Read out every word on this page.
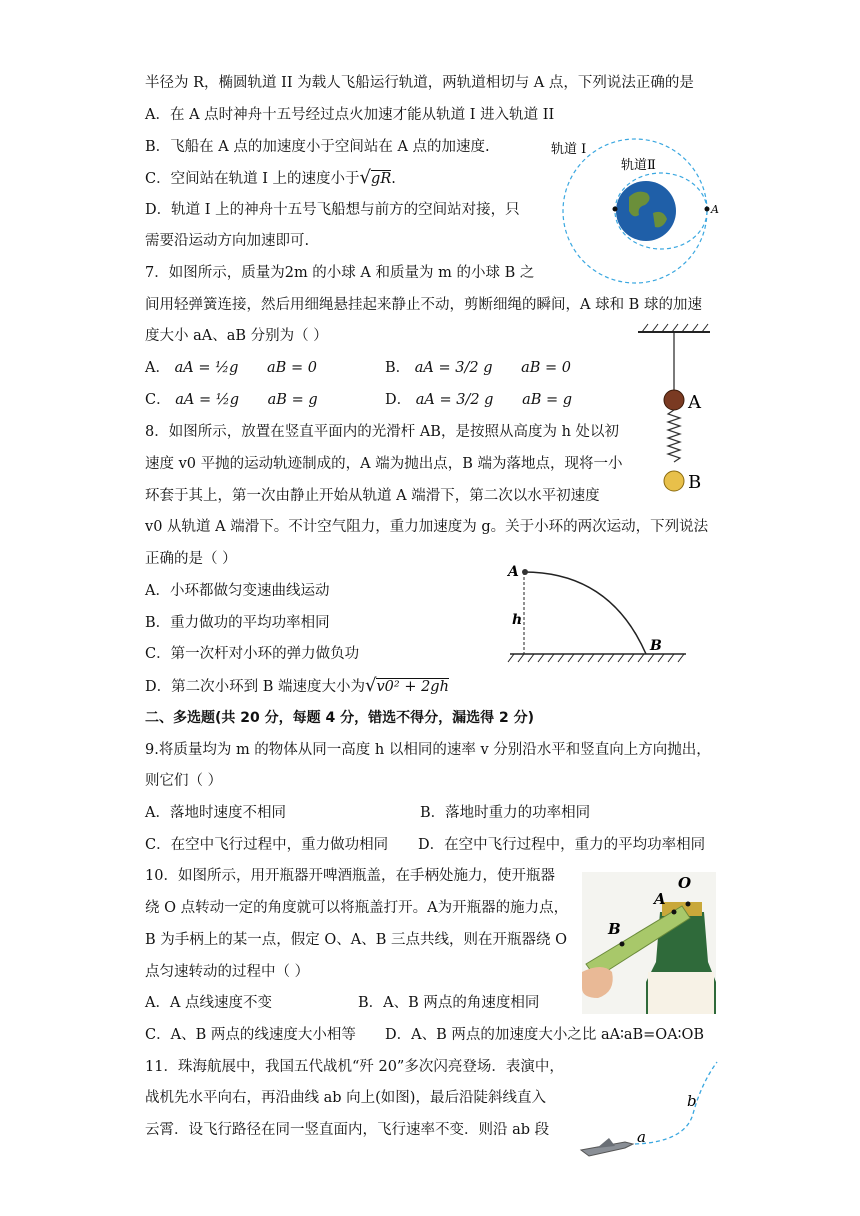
半径为 R，椭圆轨道 II 为载人飞船运行轨道，两轨道相切与 A 点，下列说法正确的是
A．在 A 点时神舟十五号经过点火加速才能从轨道 I 进入轨道 II
B．飞船在 A 点的加速度小于空间站在 A 点的加速度.
C．空间站在轨道 I 上的速度小于√gR.
D．轨道 I 上的神舟十五号飞船想与前方的空间站对接，只
需要沿运动方向加速即可.
轨道 I
轨道Ⅱ
A
7．如图所示，质量为2m 的小球 A 和质量为 m 的小球 B 之
间用轻弹簧连接，然后用细绳悬挂起来静止不动，剪断细绳的瞬间，A 球和 B 球的加速
度大小 aA、aB 分别为（ ）
A． aA = ½g aB = 0	B． aA = 3/2 g aB = 0
C． aA = ½g aB = g	D． aA = 3/2 g aB = g	A
B
8．如图所示，放置在竖直平面内的光滑杆 AB，是按照从高度为 h 处以初
速度 v0 平抛的运动轨迹制成的，A 端为抛出点，B 端为落地点，现将一小
环套于其上，第一次由静止开始从轨道 A 端滑下，第二次以水平初速度
v0 从轨道 A 端滑下。不计空气阻力，重力加速度为 g。关于小环的两次运动，下列说法
正确的是（ ）
A．小环都做匀变速曲线运动
B．重力做功的平均功率相同
C．第一次杆对小环的弹力做负功
D．第二次小环到 B 端速度大小为√v0² + 2gh
A
h
B
二、多选题(共 20 分，每题 4 分，错选不得分，漏选得 2 分)
9.将质量均为 m 的物体从同一高度 h 以相同的速率 v 分别沿水平和竖直向上方向抛出，
则它们（ ）
A．落地时速度不相同	B．落地时重力的功率相同
C．在空中飞行过程中，重力做功相同 D．在空中飞行过程中，重力的平均功率相同
10．如图所示，用开瓶器开啤酒瓶盖，在手柄处施力，使开瓶器
绕 O 点转动一定的角度就可以将瓶盖打开。A为开瓶器的施力点，
B 为手柄上的某一点，假定 O、A、B 三点共线，则在开瓶器绕 O
点匀速转动的过程中（ ）
A．A 点线速度不变	B．A、B 两点的角速度相同
C．A、B 两点的线速度大小相等 D．A、B 两点的加速度大小之比 aA∶aB=OA∶OB
O
A
B
11．珠海航展中，我国五代战机“歼 20”多次闪亮登场．表演中，
战机先水平向右，再沿曲线 ab 向上(如图)，最后沿陡斜线直入
云霄．设飞行路径在同一竖直面内，飞行速率不变．则沿 ab 段	a
b
